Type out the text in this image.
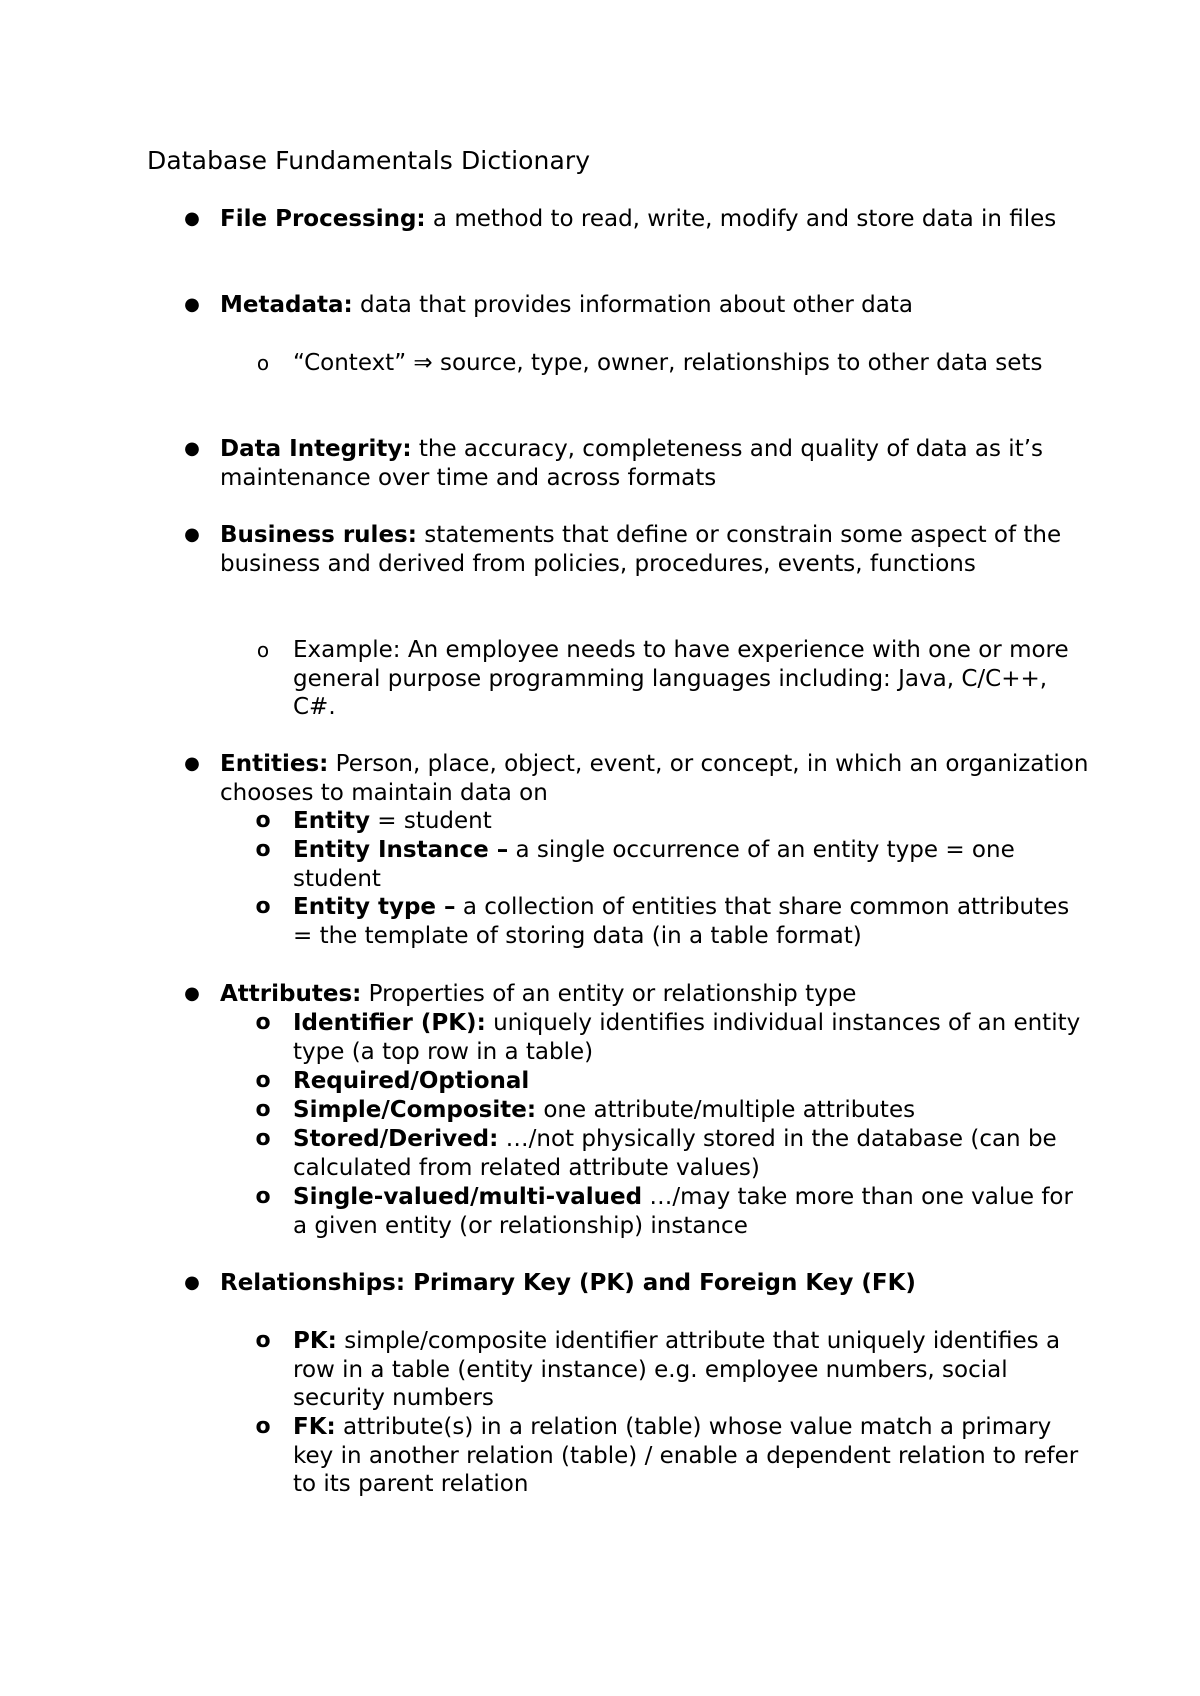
Database Fundamentals Dictionary
● File Processing: a method to read, write, modify and store data in files
● Metadata: data that provides information about other data
o “Context” ⇒ source, type, owner, relationships to other data sets
● Data Integrity: the accuracy, completeness and quality of data as it’s maintenance over time and across formats
● Business rules: statements that define or constrain some aspect of the business and derived from policies, procedures, events, functions
o Example: An employee needs to have experience with one or more general purpose programming languages including: Java, C/C++, C#.
● Entities: Person, place, object, event, or concept, in which an organization chooses to maintain data on
o Entity = student
o Entity Instance – a single occurrence of an entity type = one student
o Entity type – a collection of entities that share common attributes = the template of storing data (in a table format)
● Attributes: Properties of an entity or relationship type
o Identifier (PK): uniquely identifies individual instances of an entity type (a top row in a table)
o Required/Optional
o Simple/Composite: one attribute/multiple attributes
o Stored/Derived: …/not physically stored in the database (can be calculated from related attribute values)
o Single-valued/multi-valued …/may take more than one value for a given entity (or relationship) instance
● Relationships: Primary Key (PK) and Foreign Key (FK)
o PK: simple/composite identifier attribute that uniquely identifies a row in a table (entity instance) e.g. employee numbers, social security numbers
o FK: attribute(s) in a relation (table) whose value match a primary key in another relation (table) / enable a dependent relation to refer to its parent relation
